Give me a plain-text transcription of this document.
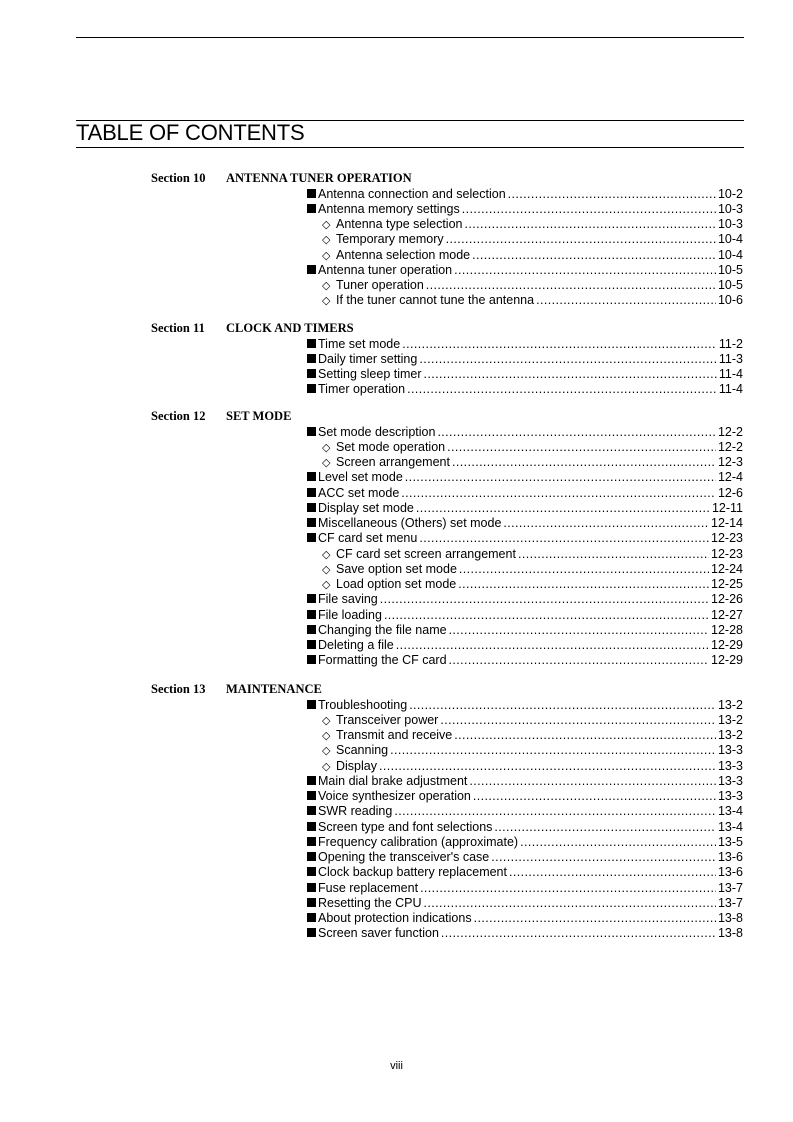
TABLE OF CONTENTS
Section 10 ANTENNA TUNER OPERATION
Antenna connection and selection .....	10-2
Antenna memory settings .....	10-3
◇ Antenna type selection .....	10-3
◇ Temporary memory .....	10-4
◇ Antenna selection mode .....	10-4
Antenna tuner operation .....	10-5
◇ Tuner operation .....	10-5
◇ If the tuner cannot tune the antenna .....	10-6
Section 11 CLOCK AND TIMERS
Time set mode .....	11-2
Daily timer setting .....	11-3
Setting sleep timer .....	11-4
Timer operation .....	11-4
Section 12 SET MODE
Set mode description .....	12-2
◇ Set mode operation .....	12-2
◇ Screen arrangement .....	12-3
Level set mode .....	12-4
ACC set mode .....	12-6
Display set mode .....	12-11
Miscellaneous (Others) set mode .....	12-14
CF card set menu .....	12-23
◇ CF card set screen arrangement .....	12-23
◇ Save option set mode .....	12-24
◇ Load option set mode .....	12-25
File saving .....	12-26
File loading .....	12-27
Changing the file name .....	12-28
Deleting a file .....	12-29
Formatting the CF card .....	12-29
Section 13 MAINTENANCE
Troubleshooting .....	13-2
◇ Transceiver power .....	13-2
◇ Transmit and receive .....	13-2
◇ Scanning .....	13-3
◇ Display .....	13-3
Main dial brake adjustment .....	13-3
Voice synthesizer operation .....	13-3
SWR reading .....	13-4
Screen type and font selections .....	13-4
Frequency calibration (approximate) .....	13-5
Opening the transceiver's case .....	13-6
Clock backup battery replacement .....	13-6
Fuse replacement .....	13-7
Resetting the CPU .....	13-7
About protection indications .....	13-8
Screen saver function .....	13-8
viii
